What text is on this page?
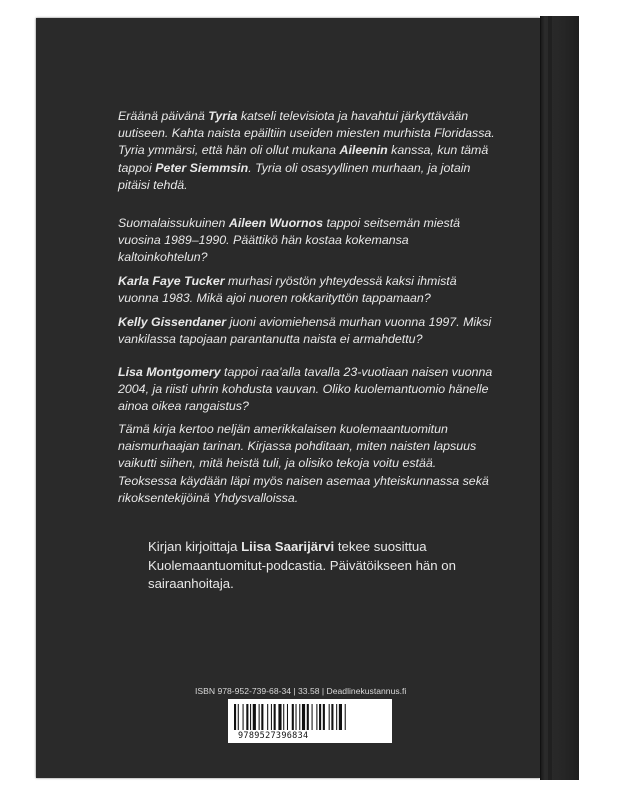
Eräänä päivänä Tyria katseli televisiota ja havahtui järkyttävään uutiseen. Kahta naista epäiltiin useiden miesten murhista Floridassa. Tyria ymmärsi, että hän oli ollut mukana Aileenin kanssa, kun tämä tappoi Peter Siemmsin. Tyria oli osasyyllinen murhaan, ja jotain pitäisi tehdä.
Suomalaissukuinen Aileen Wuornos tappoi seitsemän miestä vuosina 1989–1990. Päättikö hän kostaa kokemansa kaltoinkohtelun?
Karla Faye Tucker murhasi ryöstön yhteydessä kaksi ihmistä vuonna 1983. Mikä ajoi nuoren rokkarityttön tappamaan?
Kelly Gissendaner juoni aviomiehensä murhan vuonna 1997. Miksi vankilassa tapojaan parantanutta naista ei armahdettu?
Lisa Montgomery tappoi raa'alla tavalla 23-vuotiaan naisen vuonna 2004, ja riisti uhrin kohdusta vauvan. Oliko kuolemantuomio hänelle ainoa oikea rangaistus?
Tämä kirja kertoo neljän amerikkalaisen kuolemaantuomitun naismurhaajan tarinan. Kirjassa pohditaan, miten naisten lapsuus vaikutti siihen, mitä heistä tuli, ja olisiko tekoja voitu estää. Teoksessa käydään läpi myös naisen asemaa yhteiskunnassa sekä rikoksentekijöinä Yhdysvalloissa.
Kirjan kirjoittaja Liisa Saarijärvi tekee suosittua Kuolemaantuomitut-podcastia. Päivätöikseen hän on sairaanhoitaja.
ISBN 978-952-739-68-34 | 33.58 | Deadlinekustannus.fi
9789527396834
